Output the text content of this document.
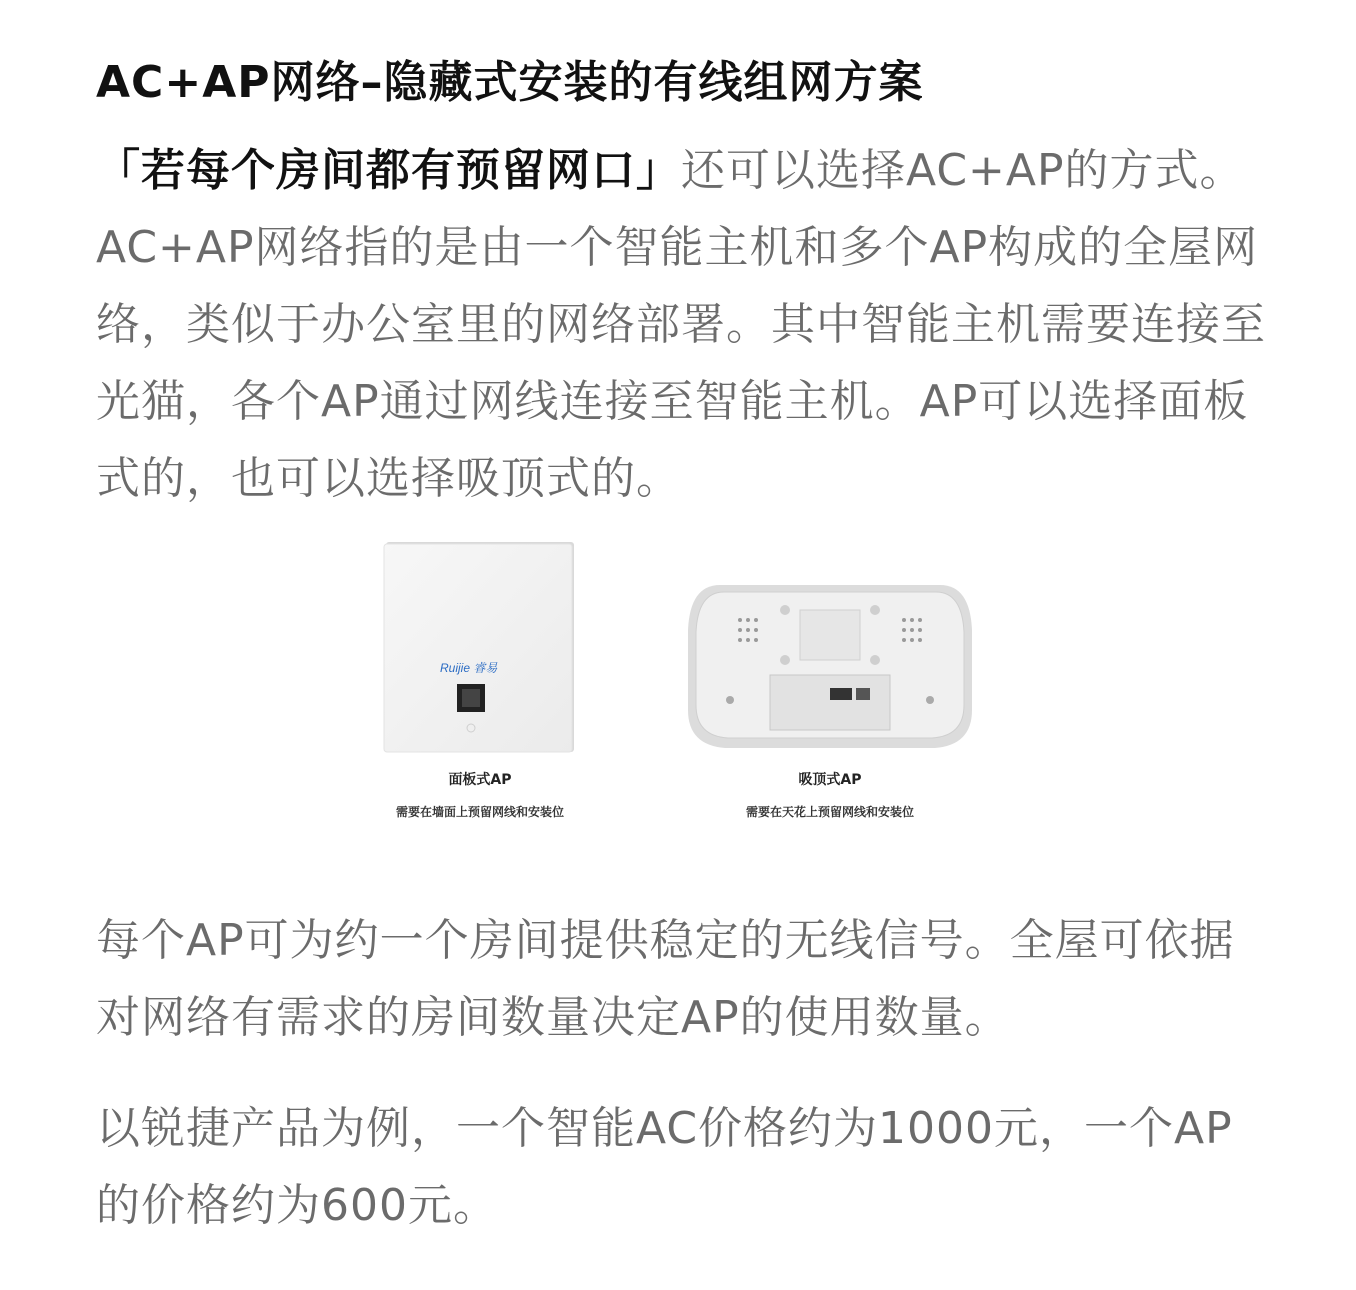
AC+AP网络–隐藏式安装的有线组网方案
「若每个房间都有预留网口」还可以选择AC+AP的方式。AC+AP网络指的是由一个智能主机和多个AP构成的全屋网络，类似于办公室里的网络部署。其中智能主机需要连接至光猫，各个AP通过网线连接至智能主机。AP可以选择面板式的，也可以选择吸顶式的。
Ruijie 睿易
面板式AP
需要在墙面上预留网线和安装位
吸顶式AP
需要在天花上预留网线和安装位
每个AP可为约一个房间提供稳定的无线信号。全屋可依据对网络有需求的房间数量决定AP的使用数量。
以锐捷产品为例，一个智能AC价格约为1000元，一个AP的价格约为600元。
